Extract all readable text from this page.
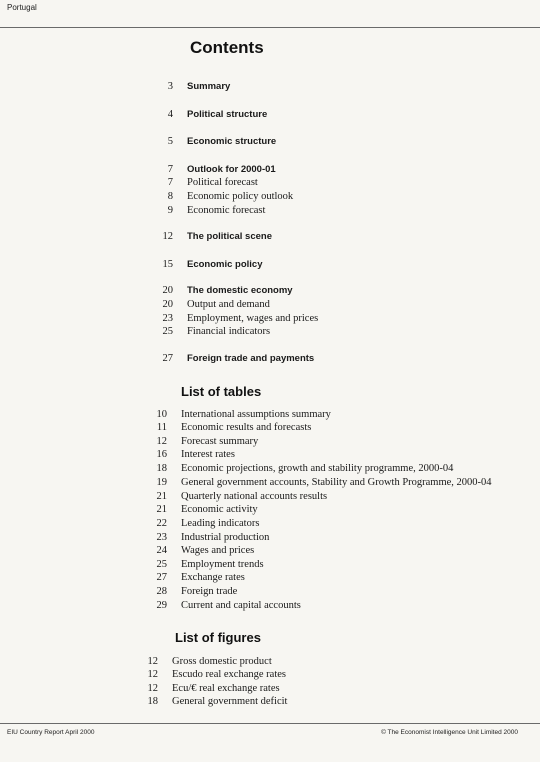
Portugal
Contents
3 Summary
4 Political structure
5 Economic structure
7 Outlook for 2000-01
7 Political forecast
8 Economic policy outlook
9 Economic forecast
12 The political scene
15 Economic policy
20 The domestic economy
20 Output and demand
23 Employment, wages and prices
25 Financial indicators
27 Foreign trade and payments
List of tables
10 International assumptions summary
11 Economic results and forecasts
12 Forecast summary
16 Interest rates
18 Economic projections, growth and stability programme, 2000-04
19 General government accounts, Stability and Growth Programme, 2000-04
21 Quarterly national accounts results
21 Economic activity
22 Leading indicators
23 Industrial production
24 Wages and prices
25 Employment trends
27 Exchange rates
28 Foreign trade
29 Current and capital accounts
List of figures
12 Gross domestic product
12 Escudo real exchange rates
12 Ecu/€ real exchange rates
18 General government deficit
EIU Country Report April 2000	© The Economist Intelligence Unit Limited 2000
